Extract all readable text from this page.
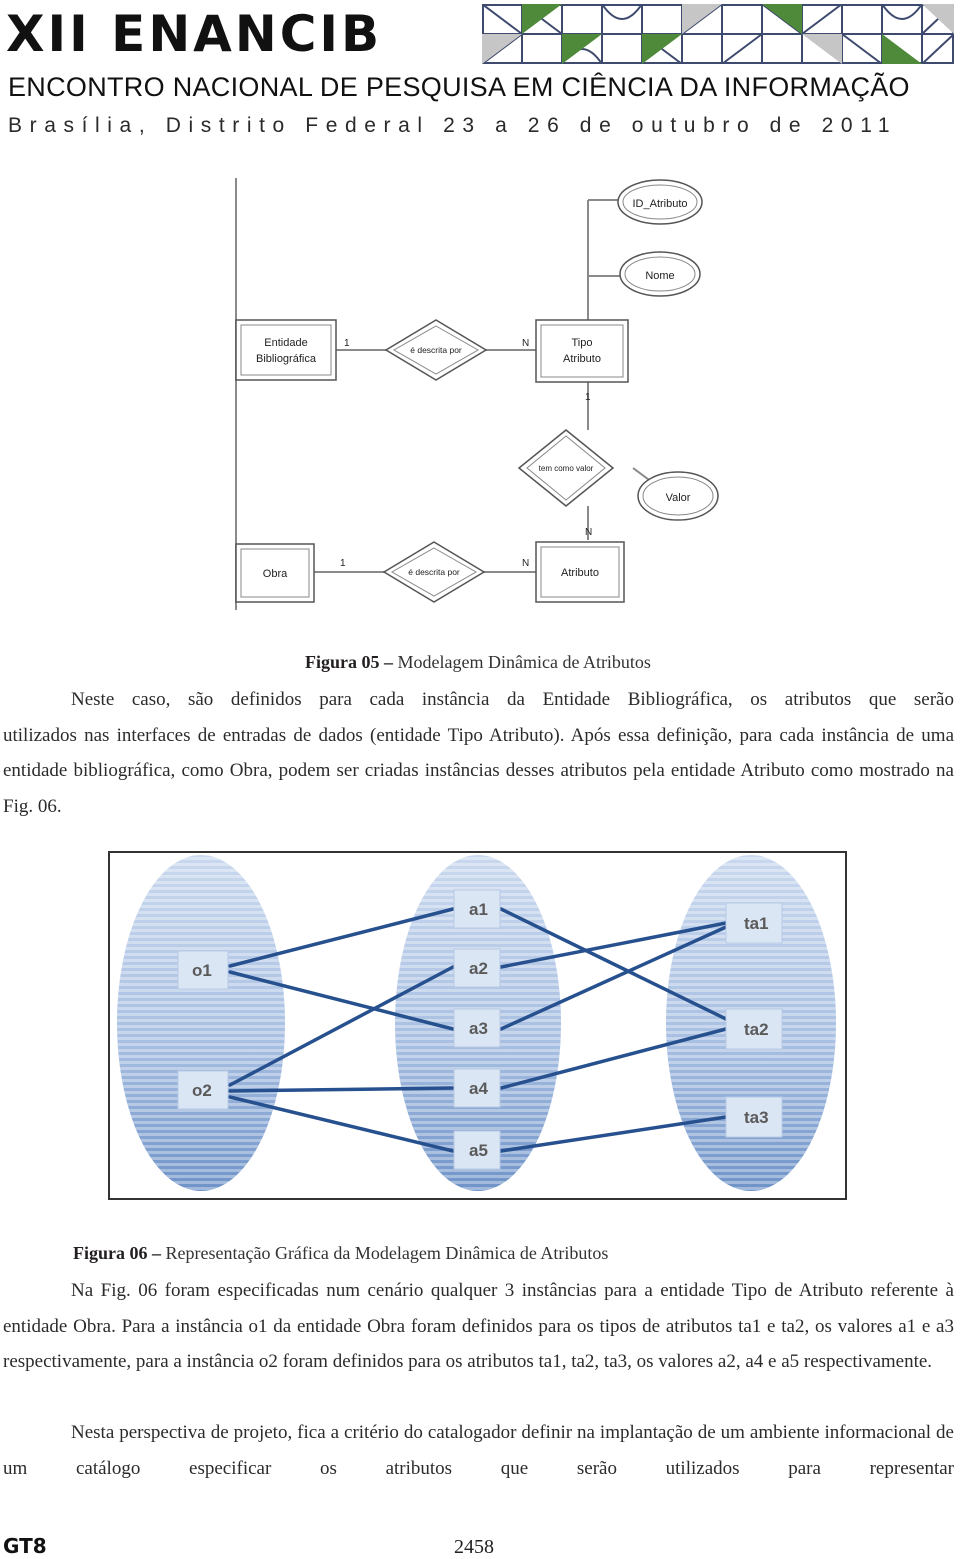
XII ENANCIB
ENCONTRO NACIONAL DE PESQUISA EM CIÊNCIA DA INFORMAÇÃO
Brasília, Distrito Federal 23 a 26 de outubro de 2011
ID_Atributo
Nome
Entidade
Bibliográfica
é descrita por
1	N	Tipo
Atributo
1
tem como valor
Valor
N
Obra	é descrita por
1	N
Atributo
Figura 05 – Modelagem Dinâmica de Atributos

Neste caso, são definidos para cada instância da Entidade Bibliográfica, os atributos que serão
utilizados nas interfaces de entradas de dados (entidade Tipo Atributo). Após essa definição, para cada instância de uma entidade bibliográfica, como Obra, podem ser criadas instâncias desses atributos pela entidade Atributo como mostrado na Fig. 06.

o1
o2
a1
a2
a3
a4
a5
ta1
ta2
ta3
Figura 06 – Representação Gráfica da Modelagem Dinâmica de Atributos

Na Fig. 06 foram especificadas num cenário qualquer 3 instâncias para a entidade Tipo de Atributo referente à entidade Obra. Para a instância o1 da entidade Obra foram definidos para os tipos de atributos ta1 e ta2, os valores a1 e a3 respectivamente, para a instância o2 foram definidos para os atributos ta1, ta2, ta3, os valores a2, a4 e a5 respectivamente.

Nesta perspectiva de projeto, fica a critério do catalogador definir na implantação de um ambiente informacional de um catálogo especificar os atributos que serão utilizados para representar

GT8	2458
